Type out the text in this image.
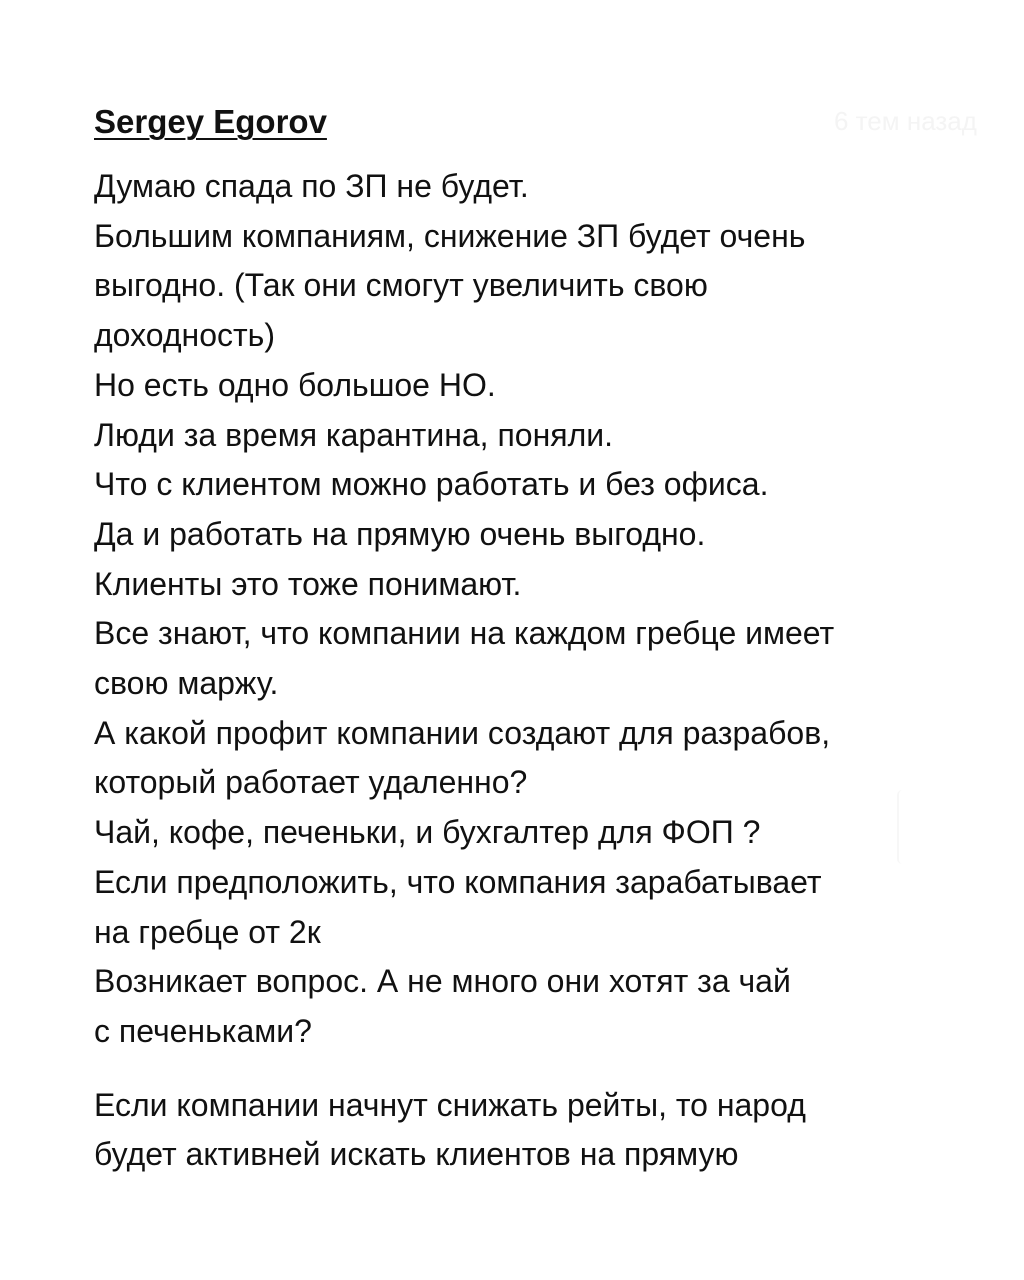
Sergey Egorov	6 тем назад
Думаю спада по ЗП не будет.
Большим компаниям, снижение ЗП будет очень
выгодно. (Так они смогут увеличить свою
доходность)
Но есть одно большое НО.
Люди за время карантина, поняли.
Что с клиентом можно работать и без офиса.
Да и работать на прямую очень выгодно.
Клиенты это тоже понимают.
Все знают, что компании на каждом гребце имеет
свою маржу.
А какой профит компании создают для разрабов,
который работает удаленно?
Чай, кофе, печеньки, и бухгалтер для ФОП ?
Если предположить, что компания зарабатывает
на гребце от 2к
Возникает вопрос. А не много они хотят за чай
с печеньками?
Если компании начнут снижать рейты, то народ
будет активней искать клиентов на прямую
